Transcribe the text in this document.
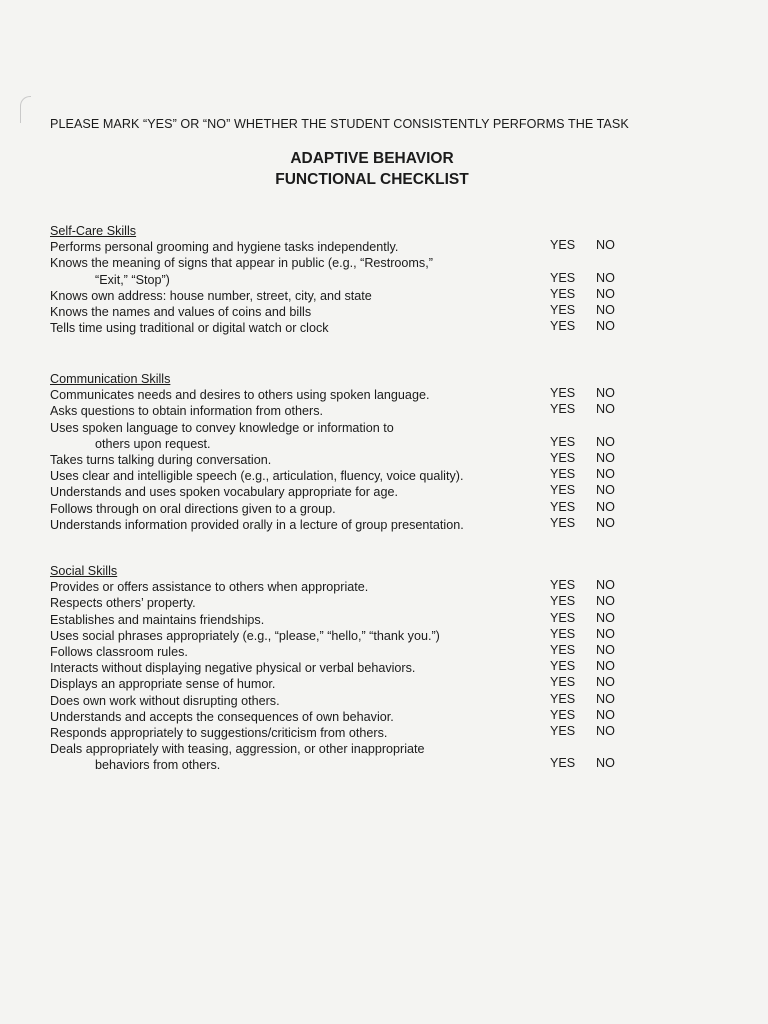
PLEASE MARK “YES” OR “NO” WHETHER THE STUDENT CONSISTENTLY PERFORMS THE TASK
ADAPTIVE BEHAVIOR
FUNCTIONAL CHECKLIST
Self-Care Skills
Performs personal grooming and hygiene tasks independently.	YES NO
Knows the meaning of signs that appear in public (e.g., “Restrooms,”
“Exit,” “Stop”)	YES NO
Knows own address: house number, street, city, and state	YES NO
Knows the names and values of coins and bills	YES NO
Tells time using traditional or digital watch or clock	YES NO
Communication Skills
Communicates needs and desires to others using spoken language.	YES NO
Asks questions to obtain information from others.	YES NO
Uses spoken language to convey knowledge or information to
others upon request.	YES NO
Takes turns talking during conversation.	YES NO
Uses clear and intelligible speech (e.g., articulation, fluency, voice quality).	YES NO
Understands and uses spoken vocabulary appropriate for age.	YES NO
Follows through on oral directions given to a group.	YES NO
Understands information provided orally in a lecture of group presentation.	YES NO
Social Skills
Provides or offers assistance to others when appropriate.	YES NO
Respects others’ property.	YES NO
Establishes and maintains friendships.	YES NO
Uses social phrases appropriately (e.g., “please,” “hello,” “thank you.”)	YES NO
Follows classroom rules.	YES NO
Interacts without displaying negative physical or verbal behaviors.	YES NO
Displays an appropriate sense of humor.	YES NO
Does own work without disrupting others.	YES NO
Understands and accepts the consequences of own behavior.	YES NO
Responds appropriately to suggestions/criticism from others.	YES NO
Deals appropriately with teasing, aggression, or other inappropriate
behaviors from others.	YES NO
